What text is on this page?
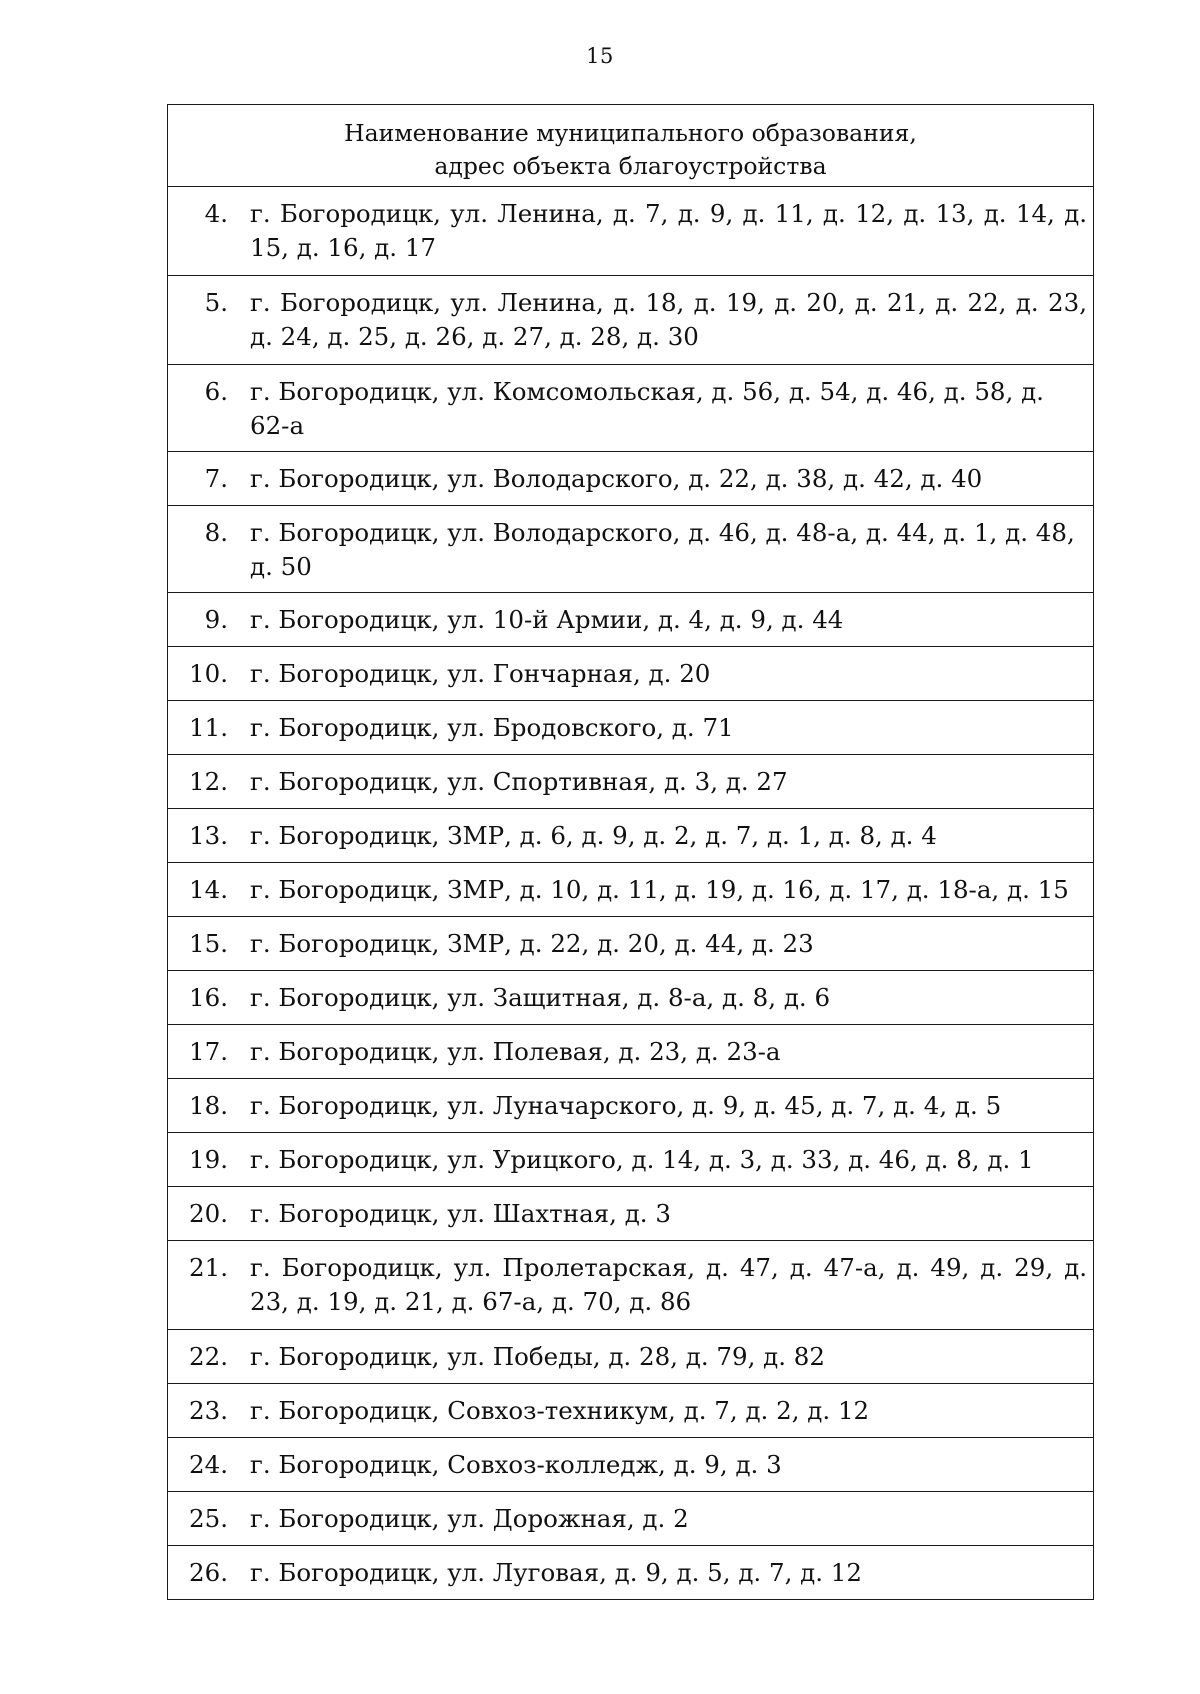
15
Наименование муниципального образования,
адрес объекта благоустройства

4. г. Богородицк, ул. Ленина, д. 7, д. 9, д. 11, д. 12, д. 13, д. 14, д. 15, д. 16, д. 17

5. г. Богородицк, ул. Ленина, д. 18, д. 19, д. 20, д. 21, д. 22, д. 23, д. 24, д. 25, д. 26, д. 27, д. 28, д. 30

6. г. Богородицк, ул. Комсомольская, д. 56, д. 54, д. 46, д. 58, д. 62-а

7. г. Богородицк, ул. Володарского, д. 22, д. 38, д. 42, д. 40

8. г. Богородицк, ул. Володарского, д. 46, д. 48-а, д. 44, д. 1, д. 48, д. 50

9. г. Богородицк, ул. 10-й Армии, д. 4, д. 9, д. 44

10. г. Богородицк, ул. Гончарная, д. 20

11. г. Богородицк, ул. Бродовского, д. 71

12. г. Богородицк, ул. Спортивная, д. 3, д. 27

13. г. Богородицк, ЗМР, д. 6, д. 9, д. 2, д. 7, д. 1, д. 8, д. 4

14. г. Богородицк, ЗМР, д. 10, д. 11, д. 19, д. 16, д. 17, д. 18-а, д. 15

15. г. Богородицк, ЗМР, д. 22, д. 20, д. 44, д. 23

16. г. Богородицк, ул. Защитная, д. 8-а, д. 8, д. 6

17. г. Богородицк, ул. Полевая, д. 23, д. 23-а

18. г. Богородицк, ул. Луначарского, д. 9, д. 45, д. 7, д. 4, д. 5

19. г. Богородицк, ул. Урицкого, д. 14, д. 3, д. 33, д. 46, д. 8, д. 1

20. г. Богородицк, ул. Шахтная, д. 3

21. г. Богородицк, ул. Пролетарская, д. 47, д. 47-а, д. 49, д. 29, д. 23, д. 19, д. 21, д. 67-а, д. 70, д. 86

22. г. Богородицк, ул. Победы, д. 28, д. 79, д. 82

23. г. Богородицк, Совхоз-техникум, д. 7, д. 2, д. 12

24. г. Богородицк, Совхоз-колледж, д. 9, д. 3

25. г. Богородицк, ул. Дорожная, д. 2

26. г. Богородицк, ул. Луговая, д. 9, д. 5, д. 7, д. 12
